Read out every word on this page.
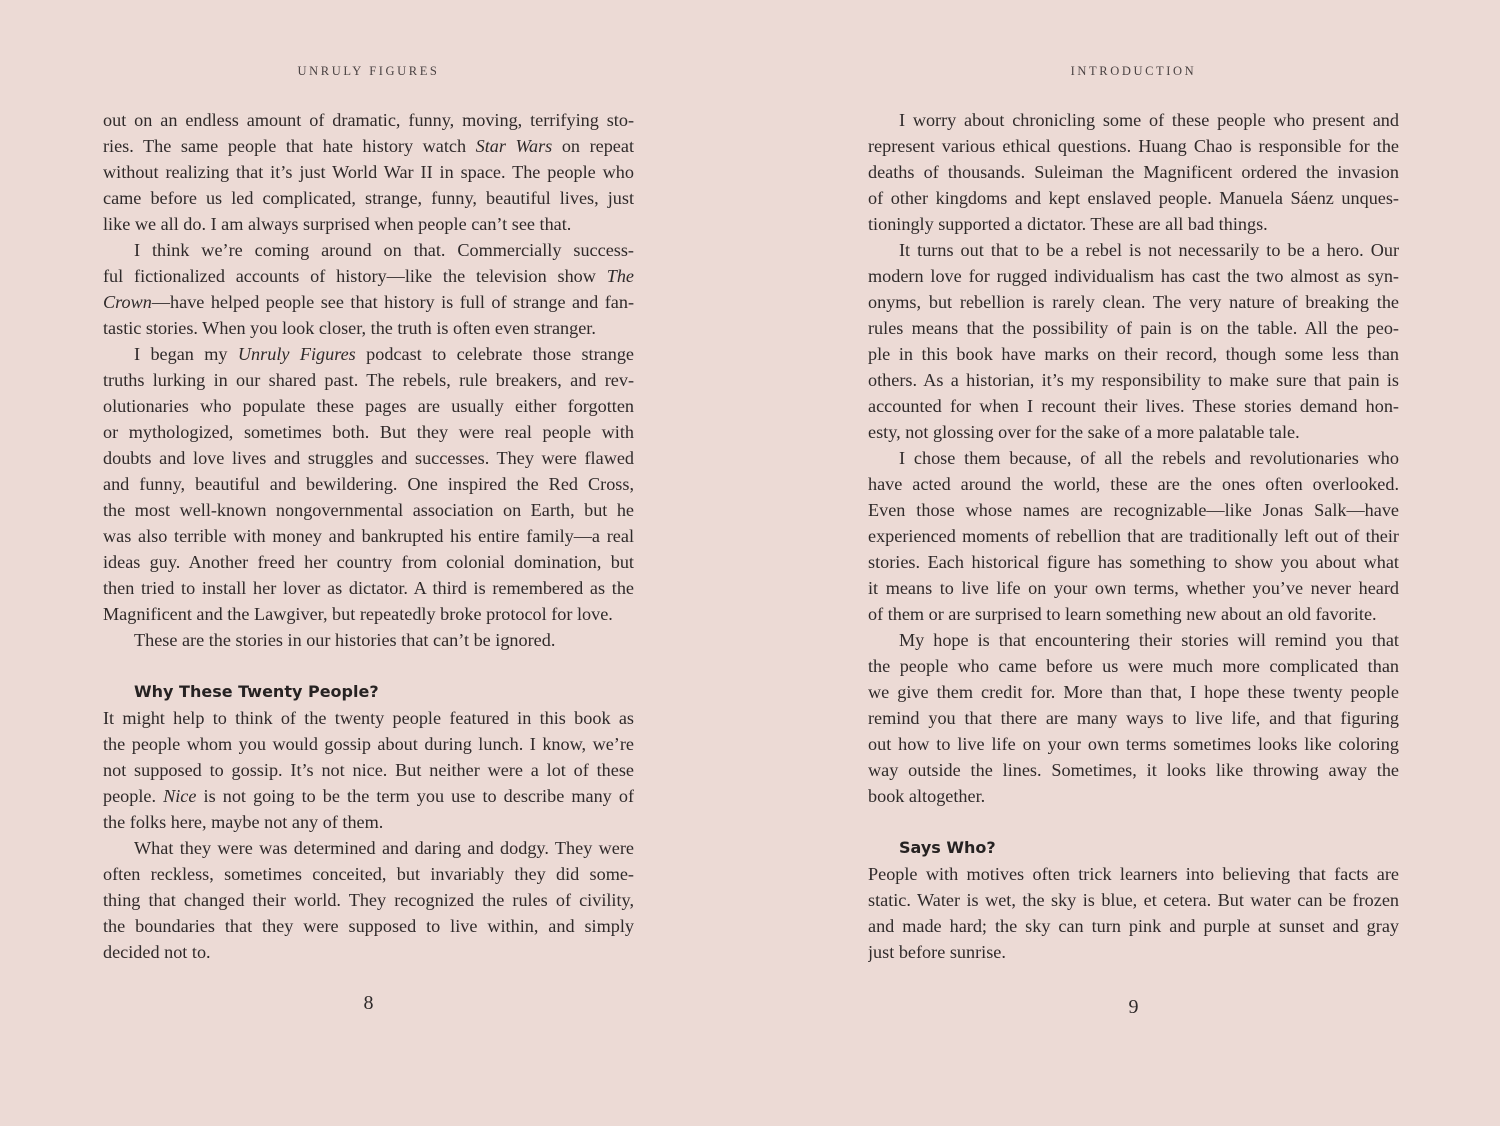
UNRULY FIGURES
out on an endless amount of dramatic, funny, moving, terrifying sto-
ries. The same people that hate history watch Star Wars on repeat
without realizing that it’s just World War II in space. The people who
came before us led complicated, strange, funny, beautiful lives, just
like we all do. I am always surprised when people can’t see that.
I think we’re coming around on that. Commercially success-
ful fictionalized accounts of history—like the television show The
Crown—have helped people see that history is full of strange and fan-
tastic stories. When you look closer, the truth is often even stranger.
I began my Unruly Figures podcast to celebrate those strange
truths lurking in our shared past. The rebels, rule breakers, and rev-
olutionaries who populate these pages are usually either forgotten
or mythologized, sometimes both. But they were real people with
doubts and love lives and struggles and successes. They were flawed
and funny, beautiful and bewildering. One inspired the Red Cross,
the most well-known nongovernmental association on Earth, but he
was also terrible with money and bankrupted his entire family—a real
ideas guy. Another freed her country from colonial domination, but
then tried to install her lover as dictator. A third is remembered as the
Magnificent and the Lawgiver, but repeatedly broke protocol for love.
These are the stories in our histories that can’t be ignored.

Why These Twenty People?
It might help to think of the twenty people featured in this book as
the people whom you would gossip about during lunch. I know, we’re
not supposed to gossip. It’s not nice. But neither were a lot of these
people. Nice is not going to be the term you use to describe many of
the folks here, maybe not any of them.
What they were was determined and daring and dodgy. They were
often reckless, sometimes conceited, but invariably they did some-
thing that changed their world. They recognized the rules of civility,
the boundaries that they were supposed to live within, and simply
decided not to.
8
INTRODUCTION
I worry about chronicling some of these people who present and
represent various ethical questions. Huang Chao is responsible for the
deaths of thousands. Suleiman the Magnificent ordered the invasion
of other kingdoms and kept enslaved people. Manuela Sáenz unques-
tioningly supported a dictator. These are all bad things.
It turns out that to be a rebel is not necessarily to be a hero. Our
modern love for rugged individualism has cast the two almost as syn-
onyms, but rebellion is rarely clean. The very nature of breaking the
rules means that the possibility of pain is on the table. All the peo-
ple in this book have marks on their record, though some less than
others. As a historian, it’s my responsibility to make sure that pain is
accounted for when I recount their lives. These stories demand hon-
esty, not glossing over for the sake of a more palatable tale.
I chose them because, of all the rebels and revolutionaries who
have acted around the world, these are the ones often overlooked.
Even those whose names are recognizable—like Jonas Salk—have
experienced moments of rebellion that are traditionally left out of their
stories. Each historical figure has something to show you about what
it means to live life on your own terms, whether you’ve never heard
of them or are surprised to learn something new about an old favorite.
My hope is that encountering their stories will remind you that
the people who came before us were much more complicated than
we give them credit for. More than that, I hope these twenty people
remind you that there are many ways to live life, and that figuring
out how to live life on your own terms sometimes looks like coloring
way outside the lines. Sometimes, it looks like throwing away the
book altogether.

Says Who?
People with motives often trick learners into believing that facts are
static. Water is wet, the sky is blue, et cetera. But water can be frozen
and made hard; the sky can turn pink and purple at sunset and gray
just before sunrise.
9
